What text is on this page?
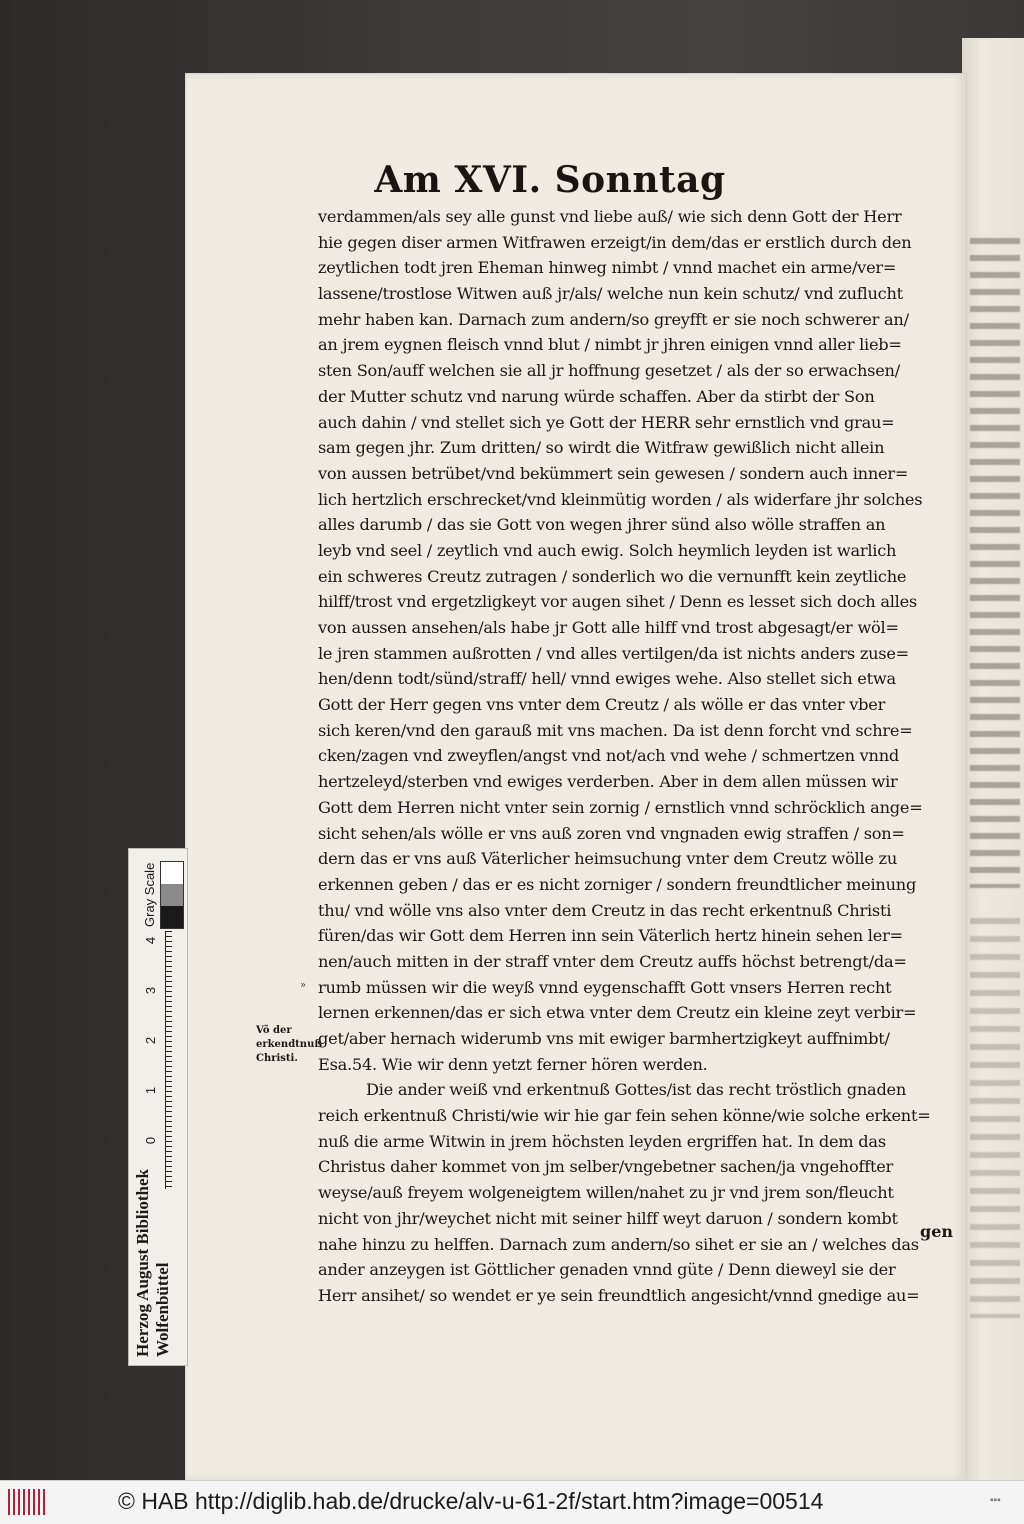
Am XVI. Sonntag
verdammen/als sey alle gunst vnd liebe auß/ wie sich denn Gott der Herr
hie gegen diser armen Witfrawen erzeigt/in dem/das er erstlich durch den
zeytlichen todt jren Eheman hinweg nimbt / vnnd machet ein arme/ver=
lassene/trostlose Witwen auß jr/als/ welche nun kein schutz/ vnd zuflucht
mehr haben kan. Darnach zum andern/so greyfft er sie noch schwerer an/
an jrem eygnen fleisch vnnd blut / nimbt jr jhren einigen vnnd aller lieb=
sten Son/auff welchen sie all jr hoffnung gesetzet / als der so erwachsen/
der Mutter schutz vnd narung würde schaffen. Aber da stirbt der Son
auch dahin / vnd stellet sich ye Gott der HERR sehr ernstlich vnd grau=
sam gegen jhr. Zum dritten/ so wirdt die Witfraw gewißlich nicht allein
von aussen betrübet/vnd bekümmert sein gewesen / sondern auch inner=
lich hertzlich erschrecket/vnd kleinmütig worden / als widerfare jhr solches
alles darumb / das sie Gott von wegen jhrer sünd also wölle straffen an
leyb vnd seel / zeytlich vnd auch ewig. Solch heymlich leyden ist warlich
ein schweres Creutz zutragen / sonderlich wo die vernunfft kein zeytliche
hilff/trost vnd ergetzligkeyt vor augen sihet / Denn es lesset sich doch alles
von aussen ansehen/als habe jr Gott alle hilff vnd trost abgesagt/er wöl=
le jren stammen außrotten / vnd alles vertilgen/da ist nichts anders zuse=
hen/denn todt/sünd/straff/ hell/ vnnd ewiges wehe. Also stellet sich etwa
Gott der Herr gegen vns vnter dem Creutz / als wölle er das vnter vber
sich keren/vnd den garauß mit vns machen. Da ist denn forcht vnd schre=
cken/zagen vnd zweyflen/angst vnd not/ach vnd wehe / schmertzen vnnd
hertzeleyd/sterben vnd ewiges verderben. Aber in dem allen müssen wir
Gott dem Herren nicht vnter sein zornig / ernstlich vnnd schröcklich ange=
sicht sehen/als wölle er vns auß zoren vnd vngnaden ewig straffen / son=
dern das er vns auß Väterlicher heimsuchung vnter dem Creutz wölle zu
erkennen geben / das er es nicht zorniger / sondern freundtlicher meinung
thu/ vnd wölle vns also vnter dem Creutz in das recht erkentnuß Christi
füren/das wir Gott dem Herren inn sein Väterlich hertz hinein sehen ler=
nen/auch mitten in der straff vnter dem Creutz auffs höchst betrengt/da=
rumb müssen wir die weyß vnnd eygenschafft Gott vnsers Herren recht
lernen erkennen/das er sich etwa vnter dem Creutz ein kleine zeyt verbir=
get/aber hernach widerumb vns mit ewiger barmhertzigkeyt auffnimbt/
Esa.54. Wie wir denn yetzt ferner hören werden.
Die ander weiß vnd erkentnuß Gottes/ist das recht tröstlich gnaden
reich erkentnuß Christi/wie wir hie gar fein sehen könne/wie solche erkent=
nuß die arme Witwin in jrem höchsten leyden ergriffen hat. In dem das
Christus daher kommet von jm selber/vngebetner sachen/ja vngehoffter
weyse/auß freyem wolgeneigtem willen/nahet zu jr vnd jrem son/fleucht
nicht von jhr/weychet nicht mit seiner hilff weyt daruon / sondern kombt
nahe hinzu zu helffen. Darnach zum andern/so sihet er sie an / welches das
ander anzeygen ist Göttlicher genaden vnnd güte / Denn dieweyl sie der
Herr ansihet/ so wendet er ye sein freundtlich angesicht/vnnd gnedige au=
»
Võ der erkendtnuß Christi.
gen
Gray Scale
4
3
2
1
0
Herzog August Bibliothek Wolfenbüttel
© HAB http://diglib.hab.de/drucke/alv-u-61-2f/start.htm?image=00514	▪▪▪
